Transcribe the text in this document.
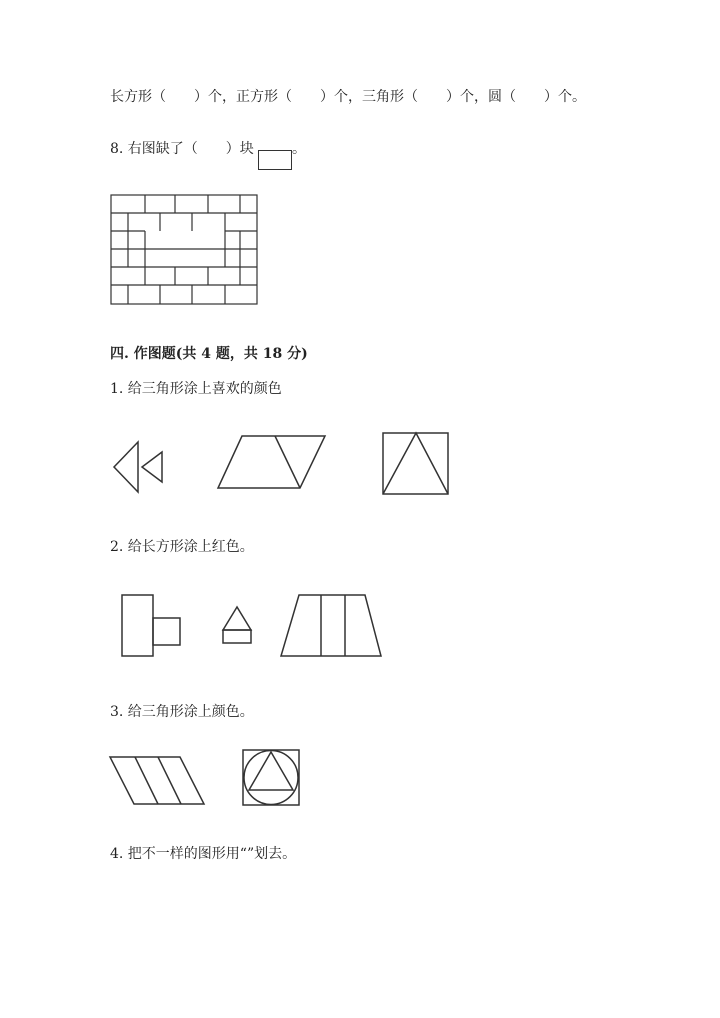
长方形（　　）个，正方形（　　）个，三角形（　　）个，圆（　　）个。
8. 右图缺了（　　）块	。
四. 作图题(共 4 题，共 18 分)
1. 给三角形涂上喜欢的颜色
2. 给长方形涂上红色。
3. 给三角形涂上颜色。
4. 把不一样的图形用“”划去。
